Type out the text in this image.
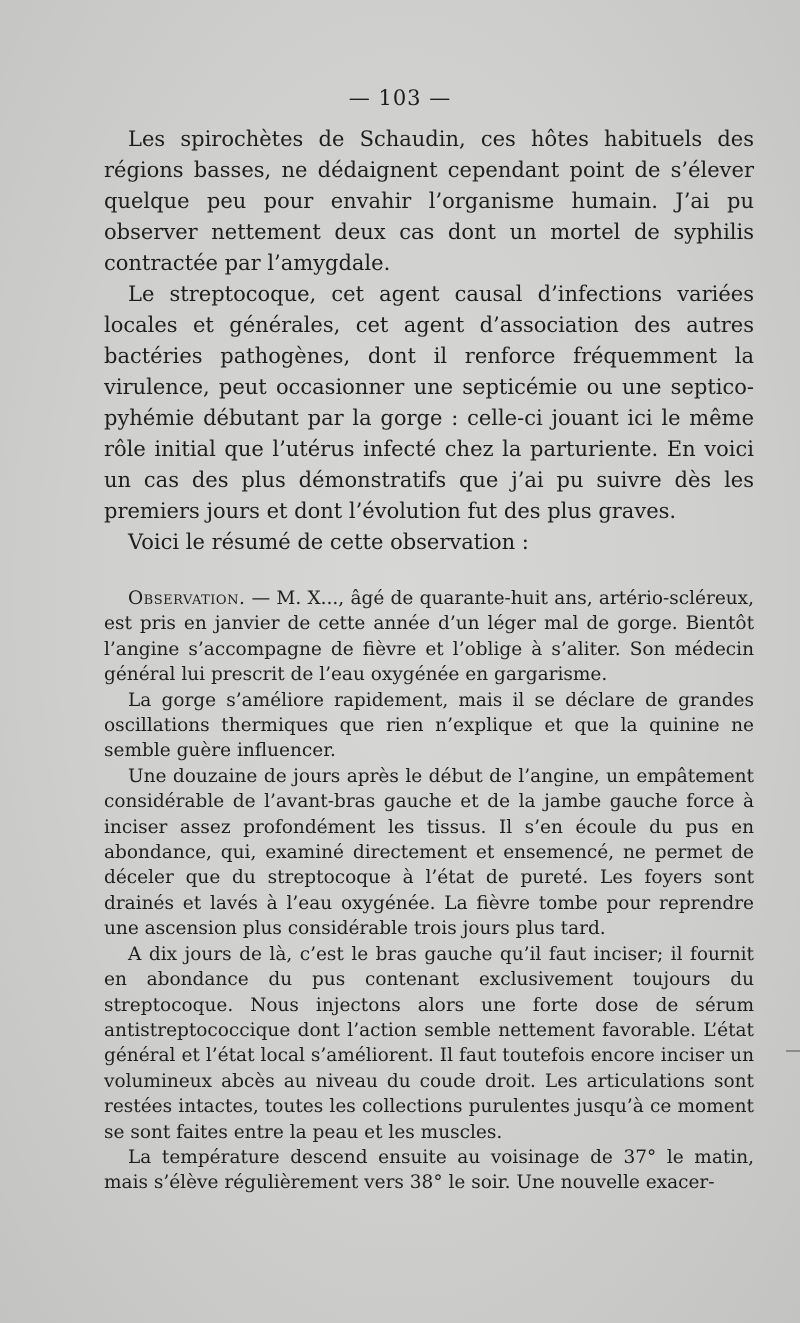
— 103 —

Les spirochètes de Schaudin, ces hôtes habituels des régions basses, ne dédaignent cependant point de s’élever quelque peu pour envahir l’organisme humain. J’ai pu observer nettement deux cas dont un mortel de syphilis contractée par l’amygdale.

Le streptocoque, cet agent causal d’infections variées locales et générales, cet agent d’association des autres bactéries pathogènes, dont il renforce fréquemment la virulence, peut occasionner une septicémie ou une septico-pyhémie débutant par la gorge : celle-ci jouant ici le même rôle initial que l’utérus infecté chez la parturiente. En voici un cas des plus démonstratifs que j’ai pu suivre dès les premiers jours et dont l’évolution fut des plus graves.

Voici le résumé de cette observation :

Observation. — M. X..., âgé de quarante-huit ans, artério-scléreux, est pris en janvier de cette année d’un léger mal de gorge. Bientôt l’angine s’accompagne de fièvre et l’oblige à s’aliter. Son médecin général lui prescrit de l’eau oxygénée en gargarisme.

La gorge s’améliore rapidement, mais il se déclare de grandes oscillations thermiques que rien n’explique et que la quinine ne semble guère influencer.

Une douzaine de jours après le début de l’angine, un empâtement considérable de l’avant-bras gauche et de la jambe gauche force à inciser assez profondément les tissus. Il s’en écoule du pus en abondance, qui, examiné directement et ensemencé, ne permet de déceler que du streptocoque à l’état de pureté. Les foyers sont drainés et lavés à l’eau oxygénée. La fièvre tombe pour reprendre une ascension plus considérable trois jours plus tard.

A dix jours de là, c’est le bras gauche qu’il faut inciser; il fournit en abondance du pus contenant exclusivement toujours du streptocoque. Nous injectons alors une forte dose de sérum antistreptococcique dont l’action semble nettement favorable. L’état général et l’état local s’améliorent. Il faut toutefois encore inciser un volumineux abcès au niveau du coude droit. Les articulations sont restées intactes, toutes les collections purulentes jusqu’à ce moment se sont faites entre la peau et les muscles.

La température descend ensuite au voisinage de 37° le matin, mais s’élève régulièrement vers 38° le soir. Une nouvelle exacer-
